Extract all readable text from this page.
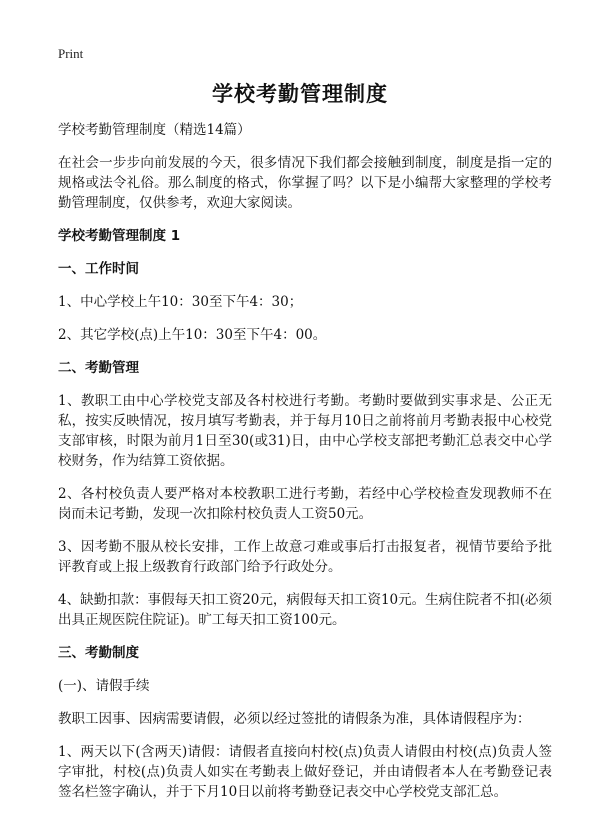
Print
学校考勤管理制度

学校考勤管理制度（精选14篇）

在社会一步步向前发展的今天，很多情况下我们都会接触到制度，制度是指一定的规格或法令礼俗。那么制度的格式，你掌握了吗？以下是小编帮大家整理的学校考勤管理制度，仅供参考，欢迎大家阅读。

学校考勤管理制度 1
一、工作时间

1、中心学校上午10：30至下午4：30；

2、其它学校(点)上午10：30至下午4：00。

二、考勤管理

1、教职工由中心学校党支部及各村校进行考勤。考勤时要做到实事求是、公正无私，按实反映情况，按月填写考勤表，并于每月10日之前将前月考勤表报中心校党支部审核，时限为前月1日至30(或31)日，由中心学校支部把考勤汇总表交中心学校财务，作为结算工资依据。

2、各村校负责人要严格对本校教职工进行考勤，若经中心学校检查发现教师不在岗而未记考勤，发现一次扣除村校负责人工资50元。

3、因考勤不服从校长安排，工作上故意刁难或事后打击报复者，视情节要给予批评教育或上报上级教育行政部门给予行政处分。

4、缺勤扣款：事假每天扣工资20元，病假每天扣工资10元。生病住院者不扣(必须出具正规医院住院证)。旷工每天扣工资100元。

三、考勤制度

(一)、请假手续

教职工因事、因病需要请假，必须以经过签批的请假条为准，具体请假程序为：

1、两天以下(含两天)请假：请假者直接向村校(点)负责人请假由村校(点)负责人签字审批，村校(点)负责人如实在考勤表上做好登记，并由请假者本人在考勤登记表签名栏签字确认，并于下月10日以前将考勤登记表交中心学校党支部汇总。
